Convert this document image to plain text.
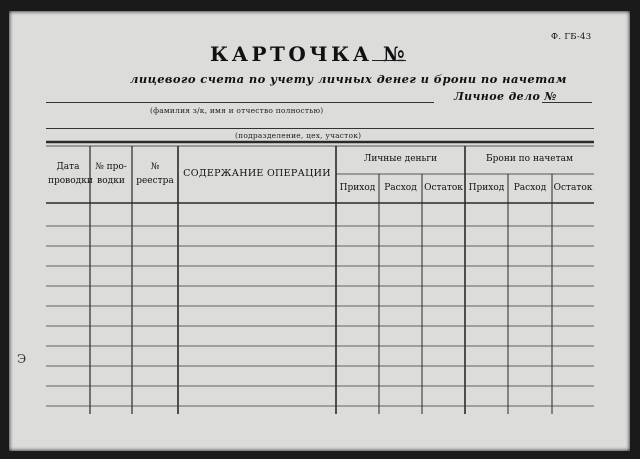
Ф. ГБ-43
КАРТОЧКА №
лицевого счета по учету личных денег и брони по начетам
Личное дело №
(фамилия з/к, имя и отчество полностью)
(подразделение, цех, участок)
Дата
проводки
№ про-
водки
№
реестра
СОДЕРЖАНИЕ ОПЕРАЦИИ
Личные деньги	Брони по начетам
Приход Расход Остаток Приход	Расход Остаток
Э
